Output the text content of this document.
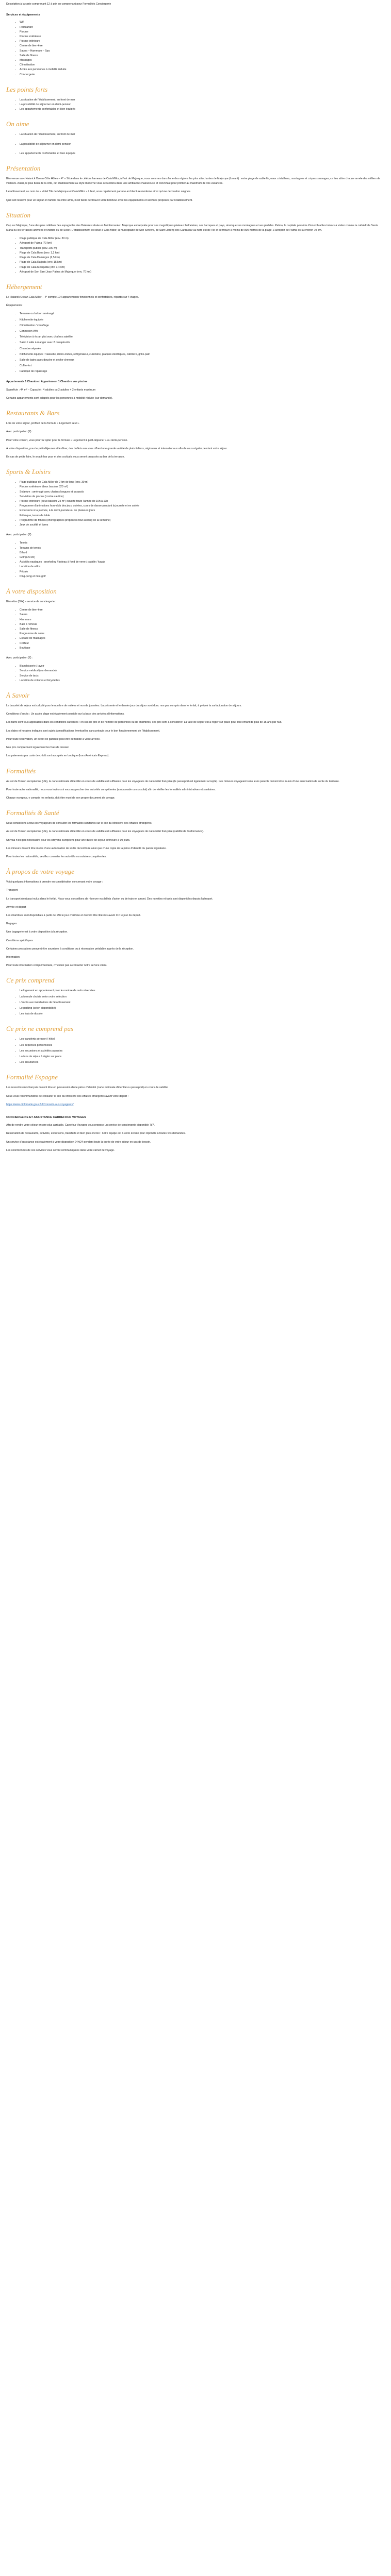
Description à la carte comprenant 12 à prix en comprenant pour Formalités Conciergerie

Services et équipements
• Wifi
• Restaurant
• Piscine
• Piscine extérieure
• Piscine intérieure
• Centre de bien-être
• Sauna – Hammam – Spa
• Salle de fitness
• Massages
• Climatisation
• Accès aux personnes à mobilité réduite
• Conciergerie
Les points forts
• La situation de l'établissement, en front de mer
• La possibilité de séjourner en demi-pension
• Les appartements confortables et bien équipés
On aime
• La situation de l'établissement, en front de mer
• La possibilité de séjourner en demi-pension
• Les appartements confortables et bien équipés
Présentation

Bienvenue au « Haiarick Ocean Côte Hôtes – 4* » Situé dans le célèbre hameau de Cala Millor, à l'est de Majorque, nous sommes dans l'une des régions les plus attachantes de Majorque (Levant) : entre plage de sable fin, eaux cristallines, montagnes et criques sauvages, ce lieu attire chaque année des milliers de visiteurs. Aussi, le plus beau de la côte, cet établissement au style moderne vous accueillera dans une ambiance chaleureuse et conviviale pour profiter au maximum de vos vacances.

L'établissement, au nom de « Hotel Tile de Majorque et Cala Millor » à l'est, vous rapidement par une architecture moderne ainsi qu'une décoration soignée.

Qu'il soit réservé pour un séjour en famille ou entre amis, il est facile de trouver votre bonheur avec les équipements et services proposés par l'établissement.

Situation

Cap sur Majorque, l'une des plus célèbres îles espagnoles des Baléares située en Méditerranée ! Majorque est réputée pour ses magnifiques plateaux balnéaires, ses baroques et pays, ainsi que ses montagnes et ses pinèdes. Palma, la capitale possède d'innombrables trésors à visiter comme la cathédrale Santa Maria ou les terrasses animées d'Andratx ou de Soller. L'établissement est situé à Cala Millor, la municipalité de Son Servera, de Sant Llorenç des Cardassar au nord est de l'île et se trouve à moins de 800 mètres de la plage. L'aéroport de Palma est à environ 70 km.

• Plage publique de Cala Millor (env. 30 m)
• Aéroport de Palma (70 km)
• Transports publics (env. 200 m)
• Plage de Cala Bona (env. 1,2 km)
• Plage de Cala Domingos (2,5 km)
• Plage de Cala Ratjada (env. 15 km)
• Plage de Cala Mesquida (env. 3,4 km)
• Aéroport de Son Sant Joan Palma de Majorque (env. 70 km)
Hébergement

Le Haiarick Ocean Cala Millor – 4* compte 104 appartements fonctionnels et confortables, répartis sur 4 étages.

Équipements :

• Terrasse ou balcon aménagé
• Kitchenette équipée
• Climatisation / chauffage
• Connexion Wifi
• Télévision à écran plat avec chaînes satellite
• Salon / salle à manger avec 2 canapés-lits
• Chambre séparée
• Kitchenette équipée : vaisselle, micro-ondes, réfrigérateur, cuisinière, plaques électriques, cafetière, grille-pain
• Salle de bains avec douche et sèche-cheveux
• Coffre-fort
• Fabriqué de repassage

Appartements 1 Chambre / Appartement 1 Chambre vue piscine

Superficie : 44 m² – Capacité : 4 adultes ou 2 adultes + 2 enfants maximum

Certains appartements sont adaptés pour les personnes à mobilité réduite (sur demande).

Restaurants & Bars

Lors de votre séjour, profitez de la formule « Logement seul ».

Avec participation (€) :

Pour votre confort, vous pourrez opter pour la formule « Logement & petit-déjeuner » ou demi-pension.

À votre disposition, pour le petit-déjeuner et le dîner, des buffets aux vous offrent une grande variété de plats italiens, régionaux et internationaux afin de vous régaler pendant votre séjour.

En cas de petite faim, le snack-bar pour et des cocktails vous seront proposés au bar de la terrasse.

Sports & Loisirs
• Plage publique de Cala Millor de 2 km de long (env. 30 m)
• Piscine extérieure (deux bassins 320 m²)
• Solarium : aménagé avec chaises longues et parasols
• Serviettes de piscine (contre caution)
• Piscine intérieure (deux bassins 25 m²) ouverte toute l'année de 10h à 19h
• Programme d'animations hors-club des jeux, soirées, cours de danse pendant la journée et en soirée
• Excursions à la journée, à la demi-journée ou de plusieurs jours
• Pétanque, tennis de table
• Programme de fitness (chorégraphies proposées tout au long de la semaine)
• Jeux de société et livres

Avec participation (€) :

• Tennis
• Terrains de tennis
• Billard
• Golf (à 5 km)
• Activités nautiques : snorkeling / bateau à fond de verre / paddle / kayak
• Location de vélos
• Pédalo
• Ping-pong et mini-golf
À votre disposition

Bien-être (30+) – service de conciergerie :

• Centre de bien-être
• Sauna
• Hammam
• Bain à remous
• Salle de fitness
• Programme de soins
• Espace de massages
• Coiffeur
• Boutique

Avec participation (€) :

• Blanchisserie / lavoir
• Service médical (sur demande)
• Service de taxis
• Location de voitures et bicyclettes
À Savoir

Le bracelet de séjour est calculé pour le nombre de nuitées et non de journées. La présente et le dernier jour du séjour sont donc non pas compris dans le forfait, à prévoir la surfacturation de séjours.

Conditions d'accès : Un accès plage est également possible sur la base des arrivées d'informations.

Les tarifs sont tous applicables dans les conditions suivantes : en cas de prix et de nombre de personnes ou de chambres, ces prix sont à considérer. La taxe de séjour est à régler sur place pour tout enfant de plus de 15 ans par nuit.

Les dates et horaires indiqués sont sujets à modifications éventuelles sans préavis pour le bon fonctionnement de l'établissement.

Pour toute réservation, un dépôt de garantie peut être demandé à votre arrivée.

Nos prix comprennent également les frais de dossier.

Les paiements par carte de crédit sont acceptés en boutique (hors Américain Express).

Formalités

Au vol de l'Union européenne (UE), la carte nationale d'identité en cours de validité est suffisante pour les voyageurs de nationalité française (le passeport est également accepté). Les mineurs voyageant sans leurs parents doivent être munis d'une autorisation de sortie du territoire.

Pour toute autre nationalité, nous vous invitons à vous rapprocher des autorités compétentes (ambassade ou consulat) afin de vérifier les formalités administratives et sanitaires.

Chaque voyageur, y compris les enfants, doit être muni de son propre document de voyage.

Formalités & Santé

Nous conseillons à tous les voyageurs de consulter les formalités sanitaires sur le site du Ministère des Affaires étrangères.

Au vol de l'Union européenne (UE), la carte nationale d'identité en cours de validité est suffisante pour les voyageurs de nationalité française (validité de l'ordonnance).

Un visa n'est pas nécessaire pour les citoyens européens pour une durée de séjour inférieure à 90 jours.

Les mineurs doivent être munis d'une autorisation de sortie du territoire ainsi que d'une copie de la pièce d'identité du parent signataire.

Pour toutes les nationalités, veuillez consulter les autorités consulaires compétentes.

À propos de votre voyage

Voici quelques informations à prendre en considération concernant votre voyage :

Transport

Le transport n'est pas inclus dans le forfait. Nous vous conseillons de réserver vos billets d'avion ou de train en amont. Des navettes et taxis sont disponibles depuis l'aéroport.

Arrivée et départ

Les chambres sont disponibles à partir de 15h le jour d'arrivée et doivent être libérées avant 11h le jour du départ.

Bagages

Une bagagerie est à votre disposition à la réception.

Conditions spécifiques

Certaines prestations peuvent être soumises à conditions ou à réservation préalable auprès de la réception.

Information

Pour toute information complémentaire, n'hésitez pas à contacter notre service client.

Ce prix comprend
• Le logement en appartement pour le nombre de nuits réservées
• La formule choisie selon votre sélection
• L'accès aux installations de l'établissement
• Le parking (selon disponibilité)
• Les frais de dossier
Ce prix ne comprend pas
• Les transferts aéroport / hôtel
• Les dépenses personnelles
• Les excursions et activités payantes
• La taxe de séjour à régler sur place
• Les assurances
Formalité Espagne

Les ressortissants français doivent être en possession d'une pièce d'identité (carte nationale d'identité ou passeport) en cours de validité.

Nous vous recommandons de consulter le site du Ministère des Affaires étrangères avant votre départ :

https://www.diplomatie.gouv.fr/fr/conseils-aux-voyageurs/

CONCIERGERIE ET ASSISTANCE CARREFOUR VOYAGES

Afin de rendre votre séjour encore plus agréable, Carrefour Voyages vous propose un service de conciergerie disponible 7j/7.

Réservation de restaurants, activités, excursions, transferts et bien plus encore : notre équipe est à votre écoute pour répondre à toutes vos demandes.

Un service d'assistance est également à votre disposition 24h/24 pendant toute la durée de votre séjour en cas de besoin.

Les coordonnées de ces services vous seront communiquées dans votre carnet de voyage.
